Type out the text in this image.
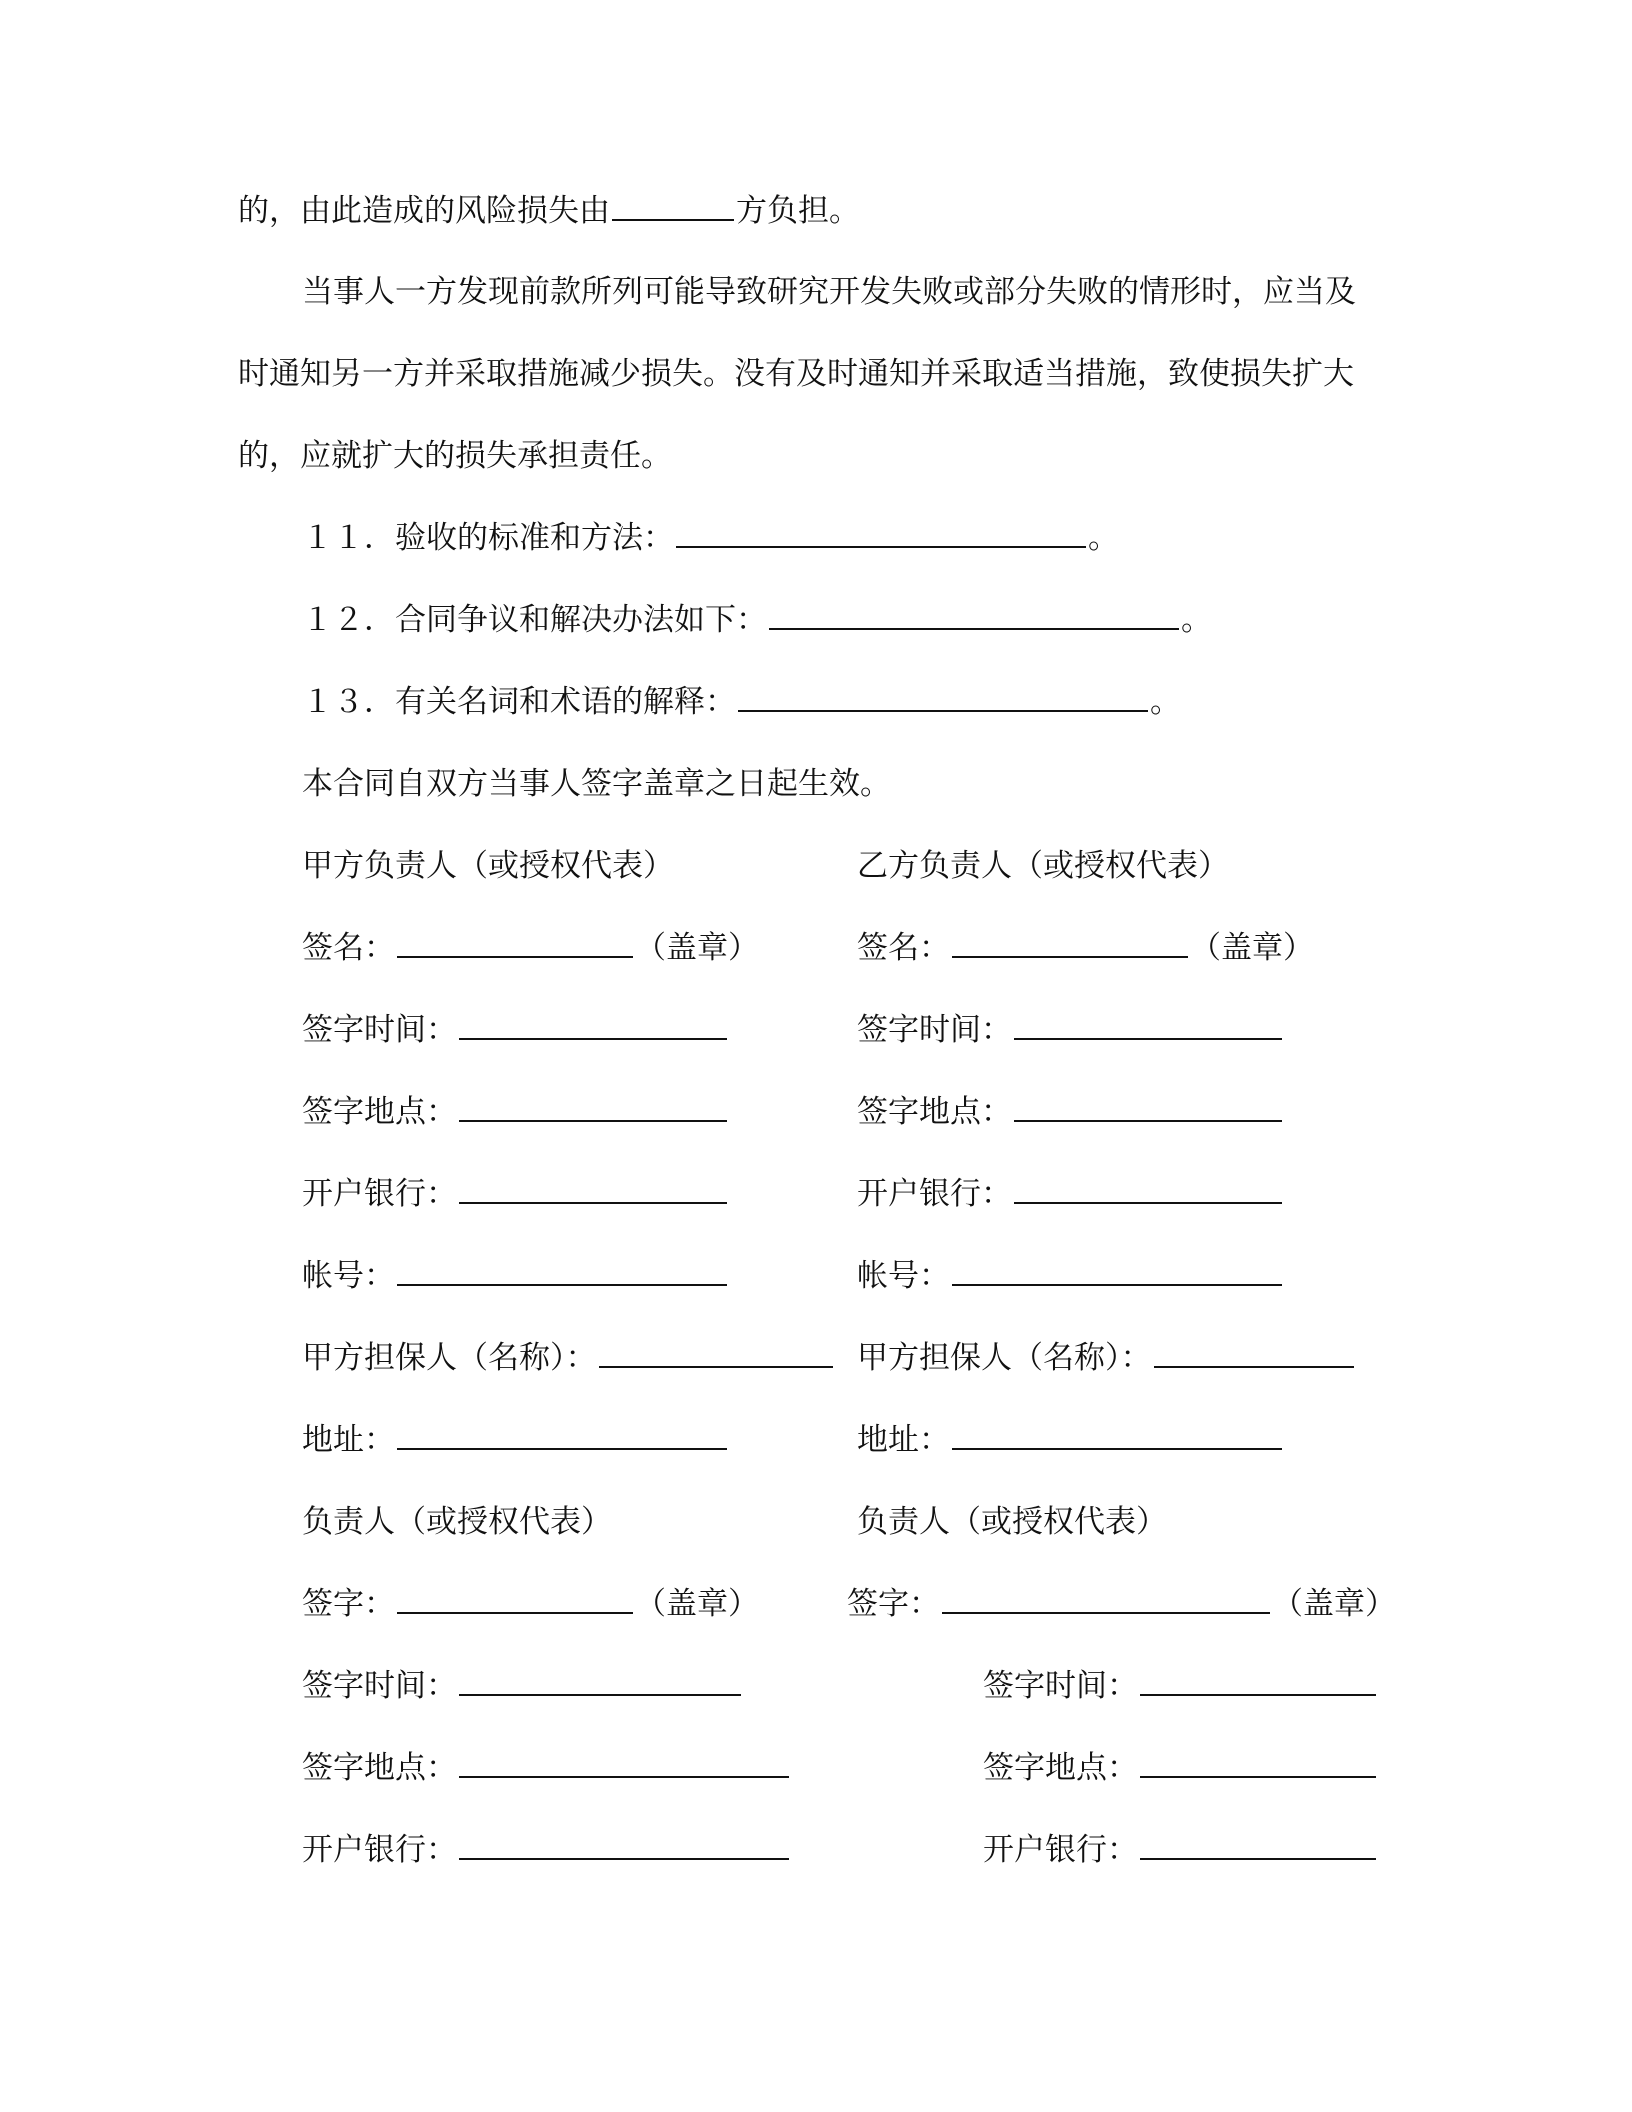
的，由此造成的风险损失由	方负担。
当事人一方发现前款所列可能导致研究开发失败或部分失败的情形时，应当及
时通知另一方并采取措施减少损失。没有及时通知并采取适当措施，致使损失扩大
的，应就扩大的损失承担责任。
１１．验收的标准和方法：	。
１２．合同争议和解决办法如下：	。
１３．有关名词和术语的解释：	。
本合同自双方当事人签字盖章之日起生效。
甲方负责人（或授权代表）	乙方负责人（或授权代表）
签名：	（盖章）	签名：	（盖章）
签字时间：	签字时间：
签字地点：	签字地点：
开户银行：	开户银行：
帐号：	帐号：
甲方担保人（名称）：	甲方担保人（名称）：
地址：	地址：
负责人（或授权代表）	负责人（或授权代表）
签字：	（盖章）	签字：	（盖章）
签字时间：	签字时间：
签字地点：	签字地点：
开户银行：	开户银行：
